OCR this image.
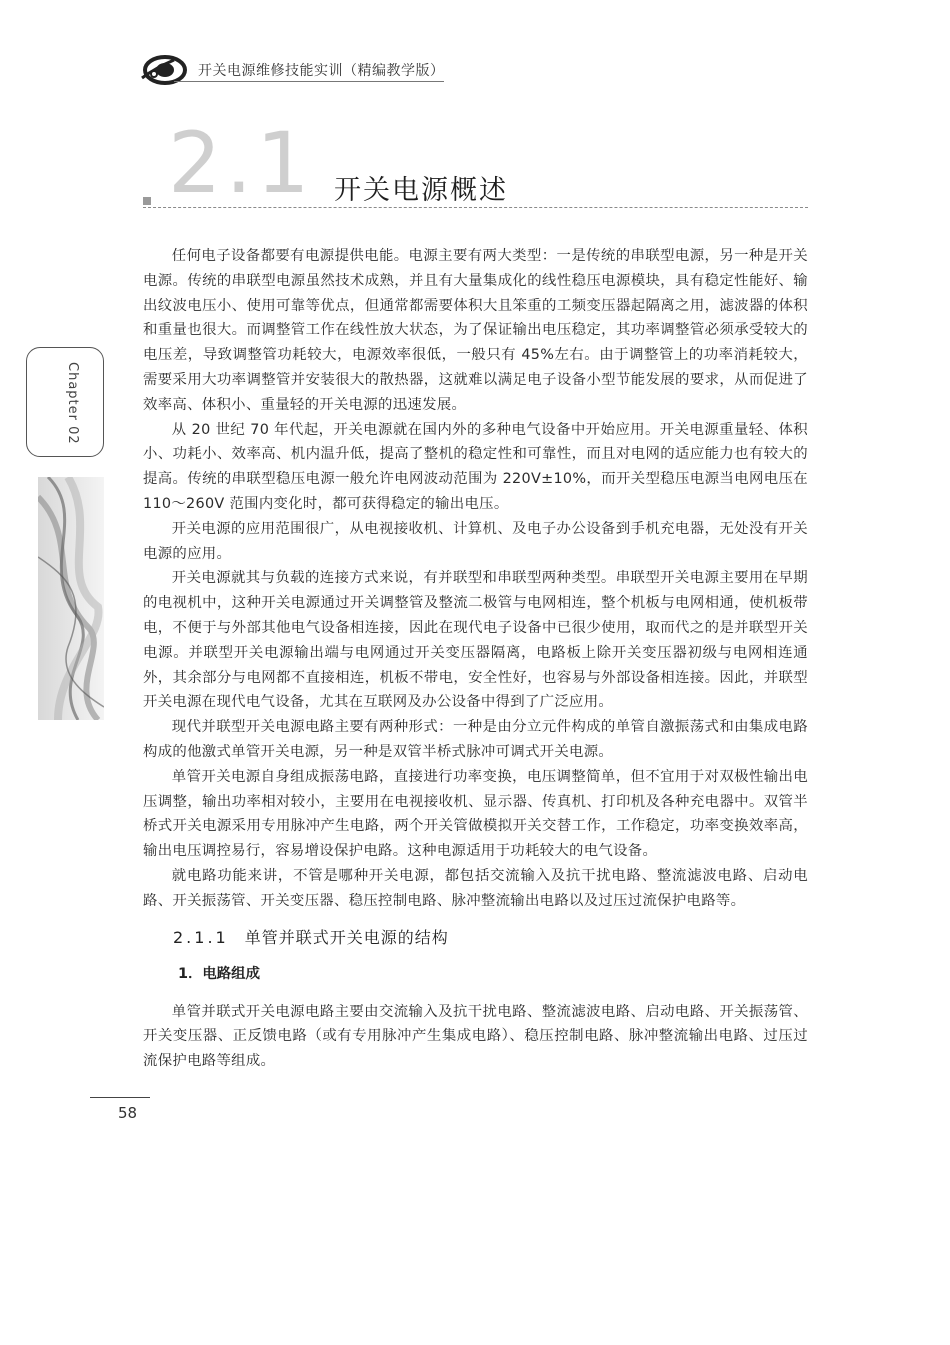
开关电源维修技能实训（精编教学版）
2.1 开关电源概述
Chapter 02

任何电子设备都要有电源提供电能。电源主要有两大类型：一是传统的串联型电源，另一种是开关电源。传统的串联型电源虽然技术成熟，并且有大量集成化的线性稳压电源模块，具有稳定性能好、输出纹波电压小、使用可靠等优点，但通常都需要体积大且笨重的工频变压器起隔离之用，滤波器的体积和重量也很大。而调整管工作在线性放大状态，为了保证输出电压稳定，其功率调整管必须承受较大的电压差，导致调整管功耗较大，电源效率很低，一般只有 45%左右。由于调整管上的功率消耗较大，需要采用大功率调整管并安装很大的散热器，这就难以满足电子设备小型节能发展的要求，从而促进了效率高、体积小、重量轻的开关电源的迅速发展。

从 20 世纪 70 年代起，开关电源就在国内外的多种电气设备中开始应用。开关电源重量轻、体积小、功耗小、效率高、机内温升低，提高了整机的稳定性和可靠性，而且对电网的适应能力也有较大的提高。传统的串联型稳压电源一般允许电网波动范围为 220V±10%，而开关型稳压电源当电网电压在 110～260V 范围内变化时，都可获得稳定的输出电压。

开关电源的应用范围很广，从电视接收机、计算机、及电子办公设备到手机充电器，无处没有开关电源的应用。

开关电源就其与负载的连接方式来说，有并联型和串联型两种类型。串联型开关电源主要用在早期的电视机中，这种开关电源通过开关调整管及整流二极管与电网相连，整个机板与电网相通，使机板带电，不便于与外部其他电气设备相连接，因此在现代电子设备中已很少使用，取而代之的是并联型开关电源。并联型开关电源输出端与电网通过开关变压器隔离，电路板上除开关变压器初级与电网相连通外，其余部分与电网都不直接相连，机板不带电，安全性好，也容易与外部设备相连接。因此，并联型开关电源在现代电气设备，尤其在互联网及办公设备中得到了广泛应用。

现代并联型开关电源电路主要有两种形式：一种是由分立元件构成的单管自激振荡式和由集成电路构成的他激式单管开关电源，另一种是双管半桥式脉冲可调式开关电源。

单管开关电源自身组成振荡电路，直接进行功率变换，电压调整简单，但不宜用于对双极性输出电压调整，输出功率相对较小，主要用在电视接收机、显示器、传真机、打印机及各种充电器中。双管半桥式开关电源采用专用脉冲产生电路，两个开关管做模拟开关交替工作，工作稳定，功率变换效率高，输出电压调控易行，容易增设保护电路。这种电源适用于功耗较大的电气设备。

就电路功能来讲，不管是哪种开关电源，都包括交流输入及抗干扰电路、整流滤波电路、启动电路、开关振荡管、开关变压器、稳压控制电路、脉冲整流输出电路以及过压过流保护电路等。

2.1.1 单管并联式开关电源的结构
1．电路组成

单管并联式开关电源电路主要由交流输入及抗干扰电路、整流滤波电路、启动电路、开关振荡管、开关变压器、正反馈电路（或有专用脉冲产生集成电路）、稳压控制电路、脉冲整流输出电路、过压过流保护电路等组成。

58
